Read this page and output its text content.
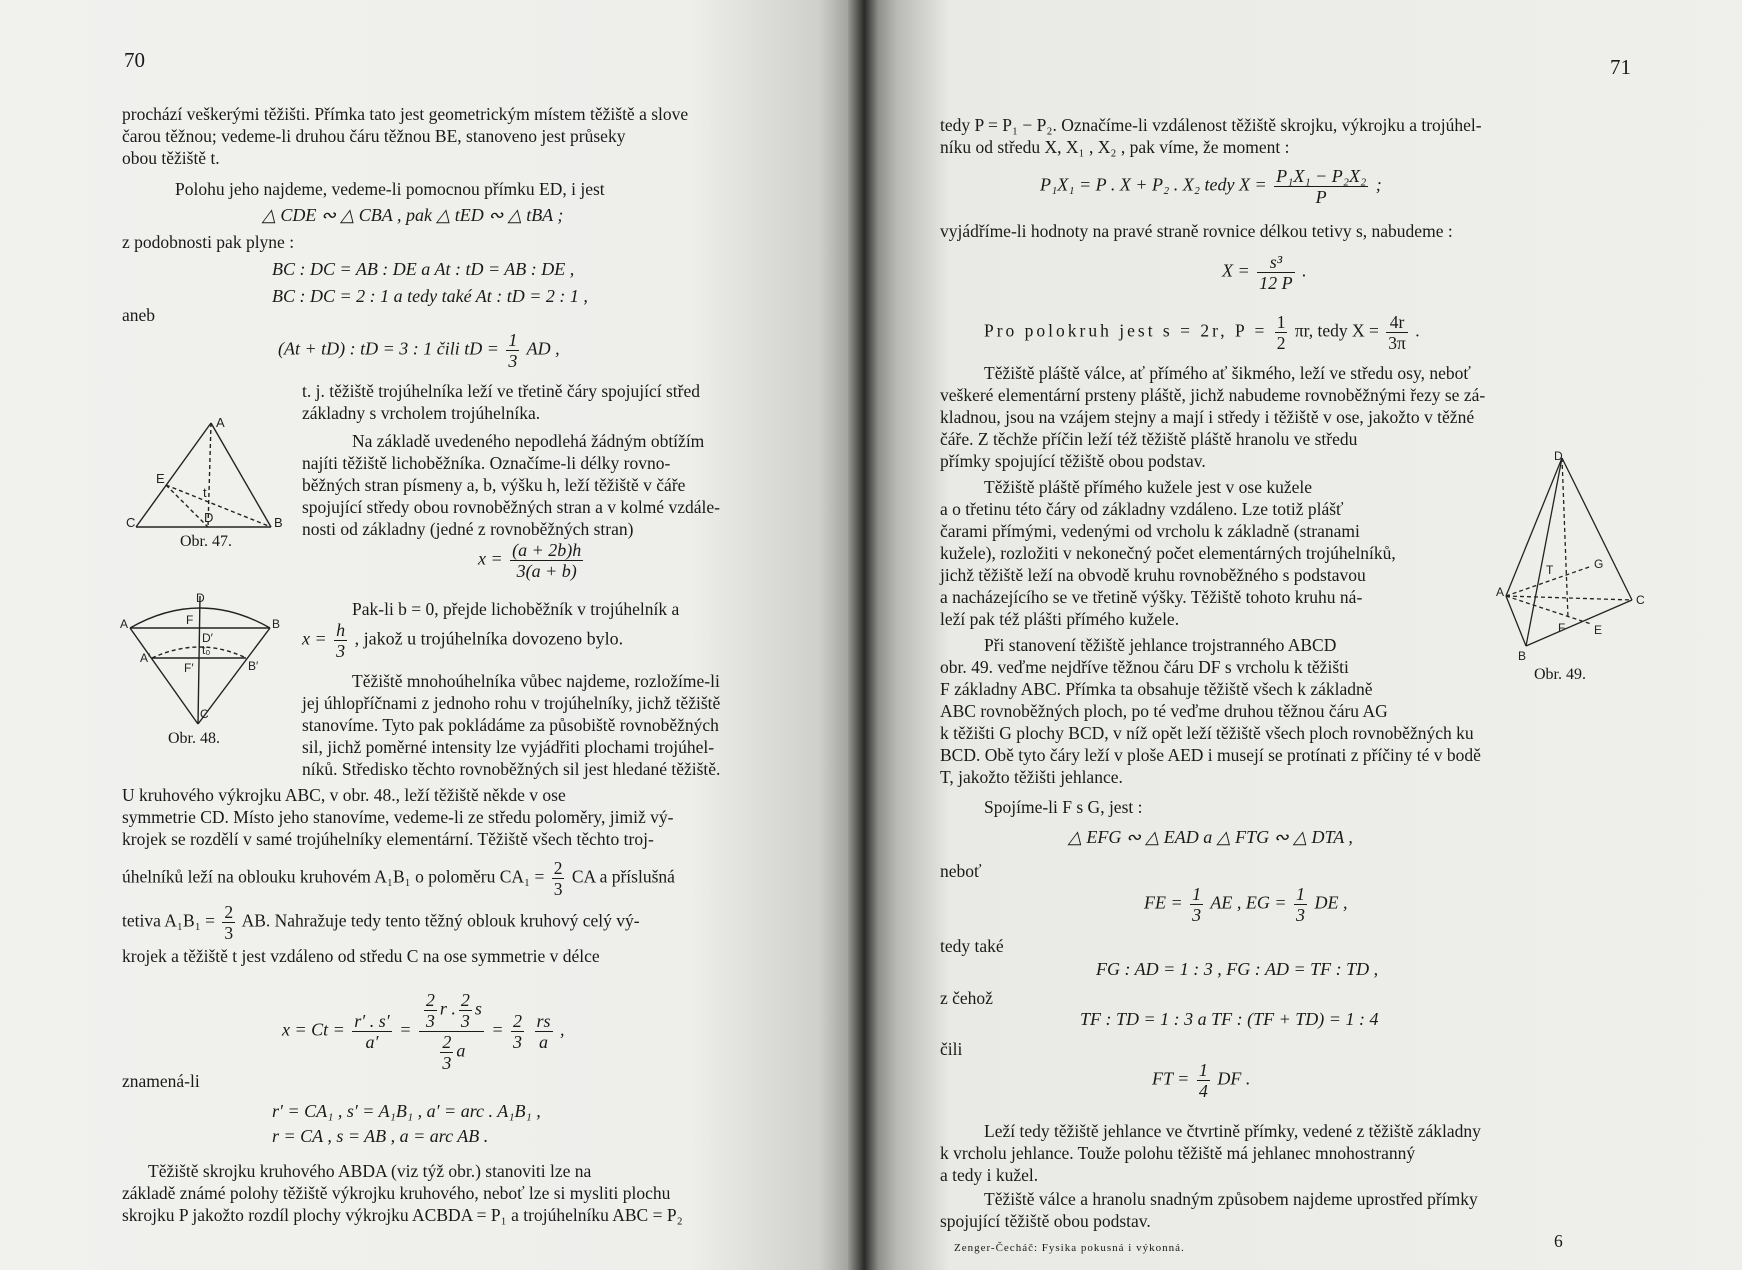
70
prochází veškerými těžišti. Přímka tato jest geometrickým místem těžiště a slove
čarou těžnou; vedeme-li druhou čáru těžnou BE, stanoveno jest průseky
obou těžiště t.
Polohu jeho najdeme, vedeme-li pomocnou přímku ED, i jest
△ CDE ∾ △ CBA , pak △ tED ∾ △ tBA ;
z podobnosti pak plyne :
BC : DC = AB : DE a At : tD = AB : DE ,
BC : DC = 2 : 1 a tedy také At : tD = 2 : 1 ,
aneb
(At + tD) : tD = 3 : 1 čili tD = $\frac{1}{3}$ AD ,
t. j. těžiště trojúhelníka leží ve třetině čáry spojující střed
základny s vrcholem trojúhelníka.
Na základě uvedeného nepodlehá žádným obtížím
najíti těžiště lichoběžníka. Označíme-li délky rovno-
běžných stran písmeny a, b, výšku h, leží těžiště v čáře
spojující středy obou rovnoběžných stran a v kolmé vzdále-
nosti od základny (jedné z rovnoběžných stran)
$x = \frac{(a + 2b)h}{3(a + b)}$
Pak-li b = 0, přejde lichoběžník v trojúhelník a
$x = \frac{h}{3}$ , jakož u trojúhelníka dovozeno bylo.
Těžiště mnohoúhelníka vůbec najdeme, rozložíme-li
jej úhlopříčnami z jednoho rohu v trojúhelníky, jichž těžiště
stanovíme. Tyto pak pokládáme za působiště rovnoběžných
sil, jichž poměrné intensity lze vyjádřiti plochami trojúhel-
níků. Středisko těchto rovnoběžných sil jest hledané těžiště.
U kruhového výkrojku ABC, v obr. 48., leží těžiště někde v ose
symmetrie CD. Místo jeho stanovíme, vedeme-li ze středu poloměry, jimiž vý-
krojek se rozdělí v samé trojúhelníky elementární. Těžiště všech těchto troj-
úhelníků leží na oblouku kruhovém A₁B₁ o poloměru $CA_1 = \frac{2}{3}$ CA a příslušná
tetiva $A_1B_1 = \frac{2}{3}$ AB. Nahražuje tedy tento těžný oblouk kruhový celý vý-
krojek a těžiště t jest vzdáleno od středu C na ose symmetrie v délce
$x = Ct = \frac{r' . s'}{a'} = \frac{\frac{2}{3} r . \frac{2}{3} s}{\frac{2}{3} a} = \frac{2}{3}$
$\frac{rs}{a}$ ,
znamená-li
r′ = CA₁ , s′ = A₁B₁ , a′ = arc . A₁B₁ ,
r = CA , s = AB , a = arc AB .
Těžiště skrojku kruhového ABDA (viz týž obr.) stanoviti lze na
základě známé polohy těžiště výkrojku kruhového, neboť lze si mysliti plochu
skrojku P jakožto rozdíl plochy výkrojku ACBDA = P₁ a trojúhelníku ABC = P₂
A
E
t
C	D	B
Obr. 47.
D
A	F	B
D′
A′
t₀
F′	B′
C
Obr. 48.
71
tedy P = P₁ − P₂. Označíme-li vzdálenost těžiště skrojku, výkrojku a trojúhel-
níku od středu X, X₁ , X₂ , pak víme, že moment :
P₁X₁ = P . X + P₂ . X₂ tedy $X = \frac{\text{P₁X₁ − P₂X₂}}{P}$ ;
vyjádříme-li hodnoty na pravé straně rovnice délkou tetivy s, nabudeme :
$X = \frac{\text{s³}}{12 P}$ .
Pro polokruh jest s = 2r, $P = \frac{1}{2} \pi r$, tedy $X = \frac{4r}{3\pi}$ .
Těžiště pláště válce, ať přímého ať šikmého, leží ve středu osy, neboť
veškeré elementární prsteny pláště, jichž nabudeme rovnoběžnými řezy se zá-
kladnou, jsou na vzájem stejny a mají i středy i těžiště v ose, jakožto v těžné
čáře. Z těchže příčin leží též těžiště pláště hranolu ve středu
přímky spojující těžiště obou podstav.
Těžiště pláště přímého kužele jest v ose kužele
a o třetinu této čáry od základny vzdáleno. Lze totiž plášť
čarami přímými, vedenými od vrcholu k základně (stranami
kužele), rozložiti v nekonečný počet elementárných trojúhelníků,
jichž těžiště leží na obvodě kruhu rovnoběžného s podstavou
a nacházejícího se ve třetině výšky. Těžiště tohoto kruhu ná-
leží pak též plášti přímého kužele.
Při stanovení těžiště jehlance trojstranného ABCD
obr. 49. veďme nejdříve těžnou čáru DF s vrcholu k těžišti
F základny ABC. Přímka ta obsahuje těžiště všech k základně
ABC rovnoběžných ploch, po té veďme druhou těžnou čáru AG
k těžišti G plochy BCD, v níž opět leží těžiště všech ploch rovnoběžných ku
BCD. Obě tyto čáry leží v ploše AED i musejí se protínati z příčiny té v bodě
T, jakožto těžišti jehlance.
Spojíme-li F s G, jest :
△ EFG ∾ △ EAD a △ FTG ∾ △ DTA ,
neboť
FE = $\frac{1}{3}$ AE , EG = $\frac{1}{3}$ DE ,
tedy také
FG : AD = 1 : 3 , FG : AD = TF : TD ,
z čehož
TF : TD = 1 : 3 a TF : (TF + TD) = 1 : 4
čili
FT = $\frac{1}{4}$ DF .
Leží tedy těžiště jehlance ve čtvrtině přímky, vedené z těžiště základny
k vrcholu jehlance. Touže polohu těžiště má jehlanec mnohostranný
a tedy i kužel.
Těžiště válce a hranolu snadným způsobem najdeme uprostřed přímky
spojující těžiště obou podstav.
D
T	G
A
F E
C
B
Obr. 49.
Zenger-Čecháč: Fysika pokusná i výkonná.	6
